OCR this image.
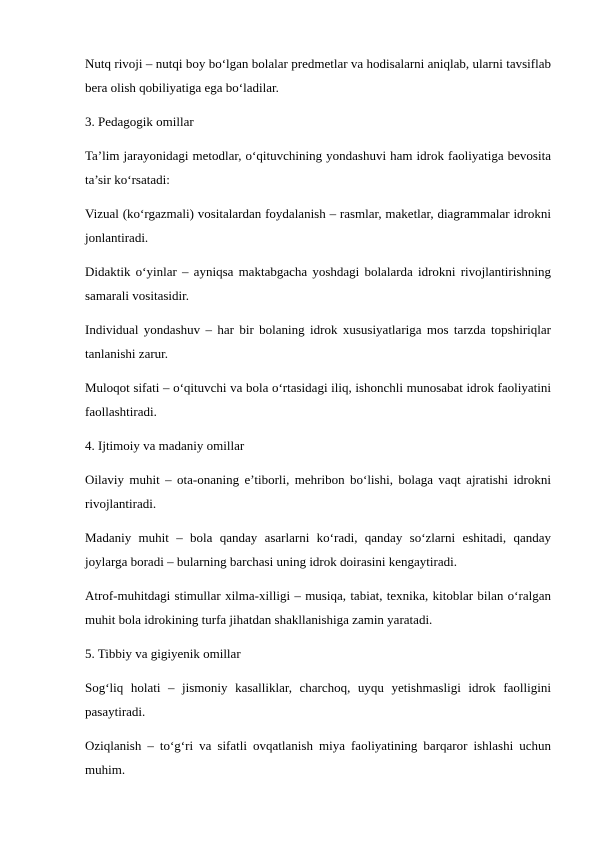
Nutq rivoji – nutqi boy bo‘lgan bolalar predmetlar va hodisalarni aniqlab, ularni tavsiflab bera olish qobiliyatiga ega bo‘ladilar.

3. Pedagogik omillar

Ta’lim jarayonidagi metodlar, o‘qituvchining yondashuvi ham idrok faoliyatiga bevosita ta’sir ko‘rsatadi:

Vizual (ko‘rgazmali) vositalardan foydalanish – rasmlar, maketlar, diagrammalar idrokni jonlantiradi.

Didaktik o‘yinlar – ayniqsa maktabgacha yoshdagi bolalarda idrokni rivojlantirishning samarali vositasidir.

Individual yondashuv – har bir bolaning idrok xususiyatlariga mos tarzda topshiriqlar tanlanishi zarur.

Muloqot sifati – o‘qituvchi va bola o‘rtasidagi iliq, ishonchli munosabat idrok faoliyatini faollashtiradi.

4. Ijtimoiy va madaniy omillar

Oilaviy muhit – ota-onaning e’tiborli, mehribon bo‘lishi, bolaga vaqt ajratishi idrokni rivojlantiradi.

Madaniy muhit – bola qanday asarlarni ko‘radi, qanday so‘zlarni eshitadi, qanday joylarga boradi – bularning barchasi uning idrok doirasini kengaytiradi.

Atrof-muhitdagi stimullar xilma-xilligi – musiqa, tabiat, texnika, kitoblar bilan o‘ralgan muhit bola idrokining turfa jihatdan shakllanishiga zamin yaratadi.

5. Tibbiy va gigiyenik omillar

Sog‘liq holati – jismoniy kasalliklar, charchoq, uyqu yetishmasligi idrok faolligini pasaytiradi.

Oziqlanish – to‘g‘ri va sifatli ovqatlanish miya faoliyatining barqaror ishlashi uchun muhim.
